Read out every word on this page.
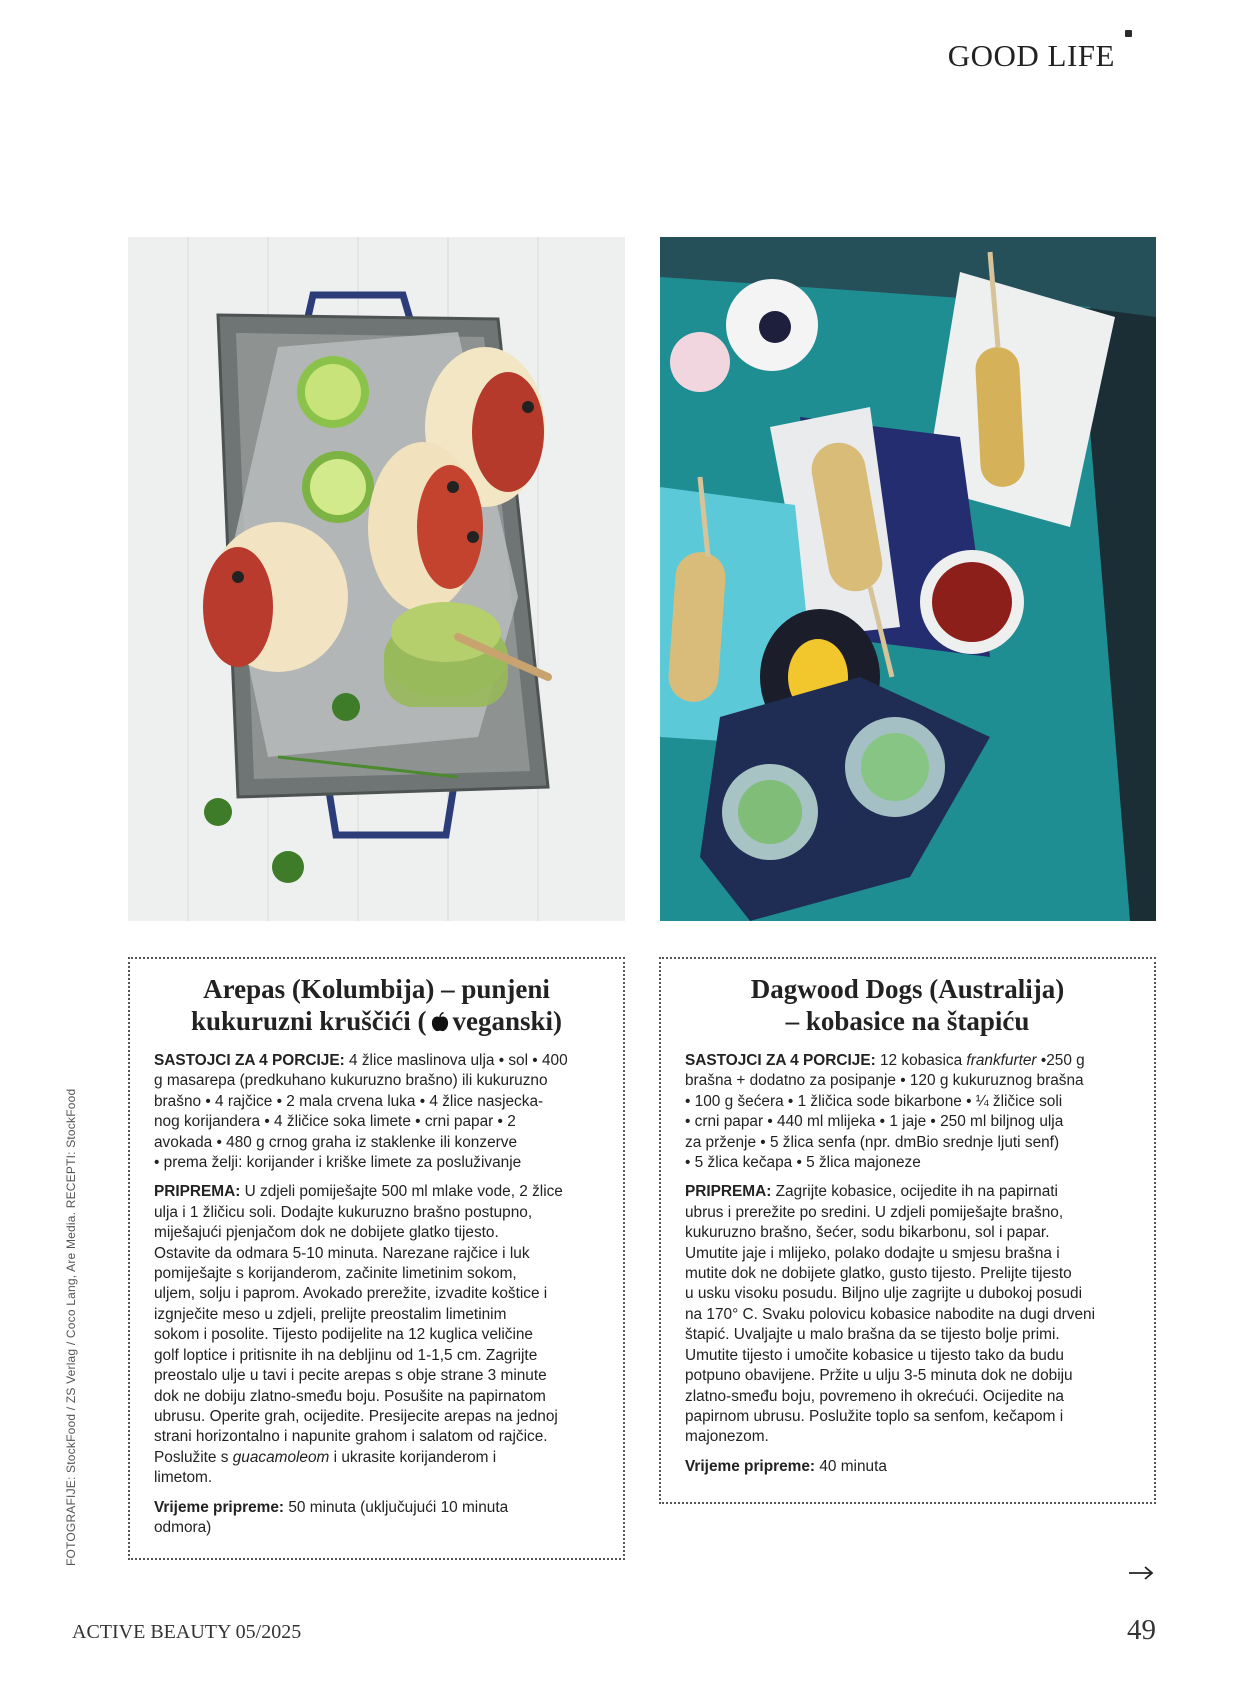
GOOD LIFE
FOTOGRAFIJE: StockFood / ZS Verlag / Coco Lang, Are Media. RECEPTI: StockFood
Arepas (Kolumbija) – punjeni
kukuruzni kruščići ( veganski)

SASTOJCI ZA 4 PORCIJE: 4 žlice maslinova ulja • sol • 400
g masarepa (predkuhano kukuruzno brašno) ili kukuruzno
brašno • 4 rajčice • 2 mala crvena luka • 4 žlice nasjecka-
nog korijandera • 4 žličice soka limete • crni papar • 2
avokada • 480 g crnog graha iz staklenke ili konzerve
• prema želji: korijander i kriške limete za posluživanje

PRIPREMA: U zdjeli pomiješajte 500 ml mlake vode, 2 žlice
ulja i 1 žličicu soli. Dodajte kukuruzno brašno postupno,
miješajući pjenjačom dok ne dobijete glatko tijesto.
Ostavite da odmara 5-10 minuta. Narezane rajčice i luk
pomiješajte s korijanderom, začinite limetinim sokom,
uljem, solju i paprom. Avokado prerežite, izvadite koštice i
izgnječite meso u zdjeli, prelijte preostalim limetinim
sokom i posolite. Tijesto podijelite na 12 kuglica veličine
golf loptice i pritisnite ih na debljinu od 1-1,5 cm. Zagrijte
preostalo ulje u tavi i pecite arepas s obje strane 3 minute
dok ne dobiju zlatno-smeđu boju. Posušite na papirnatom
ubrusu. Operite grah, ocijedite. Presijecite arepas na jednoj
strani horizontalno i napunite grahom i salatom od rajčice.
Poslužite s guacamoleom i ukrasite korijanderom i
limetom.

Vrijeme pripreme: 50 minuta (uključujući 10 minuta
odmora)

Dagwood Dogs (Australija)
– kobasice na štapiću

SASTOJCI ZA 4 PORCIJE: 12 kobasica frankfurter •250 g
brašna + dodatno za posipanje • 120 g kukuruznog brašna
• 100 g šećera • 1 žličica sode bikarbone • ¼ žličice soli
• crni papar • 440 ml mlijeka • 1 jaje • 250 ml biljnog ulja
za prženje • 5 žlica senfa (npr. dmBio srednje ljuti senf)
• 5 žlica kečapa • 5 žlica majoneze

PRIPREMA: Zagrijte kobasice, ocijedite ih na papirnati
ubrus i prerežite po sredini. U zdjeli pomiješajte brašno,
kukuruzno brašno, šećer, sodu bikarbonu, sol i papar.
Umutite jaje i mlijeko, polako dodajte u smjesu brašna i
mutite dok ne dobijete glatko, gusto tijesto. Prelijte tijesto
u usku visoku posudu. Biljno ulje zagrijte u dubokoj posudi
na 170° C. Svaku polovicu kobasice nabodite na dugi drveni
štapić. Uvaljajte u malo brašna da se tijesto bolje primi.
Umutite tijesto i umočite kobasice u tijesto tako da budu
potpuno obavijene. Pržite u ulju 3-5 minuta dok ne dobiju
zlatno-smeđu boju, povremeno ih okrećući. Ocijedite na
papirnom ubrusu. Poslužite toplo sa senfom, kečapom i
majonezom.

Vrijeme pripreme: 40 minuta

ACTIVE BEAUTY 05/2025	49
